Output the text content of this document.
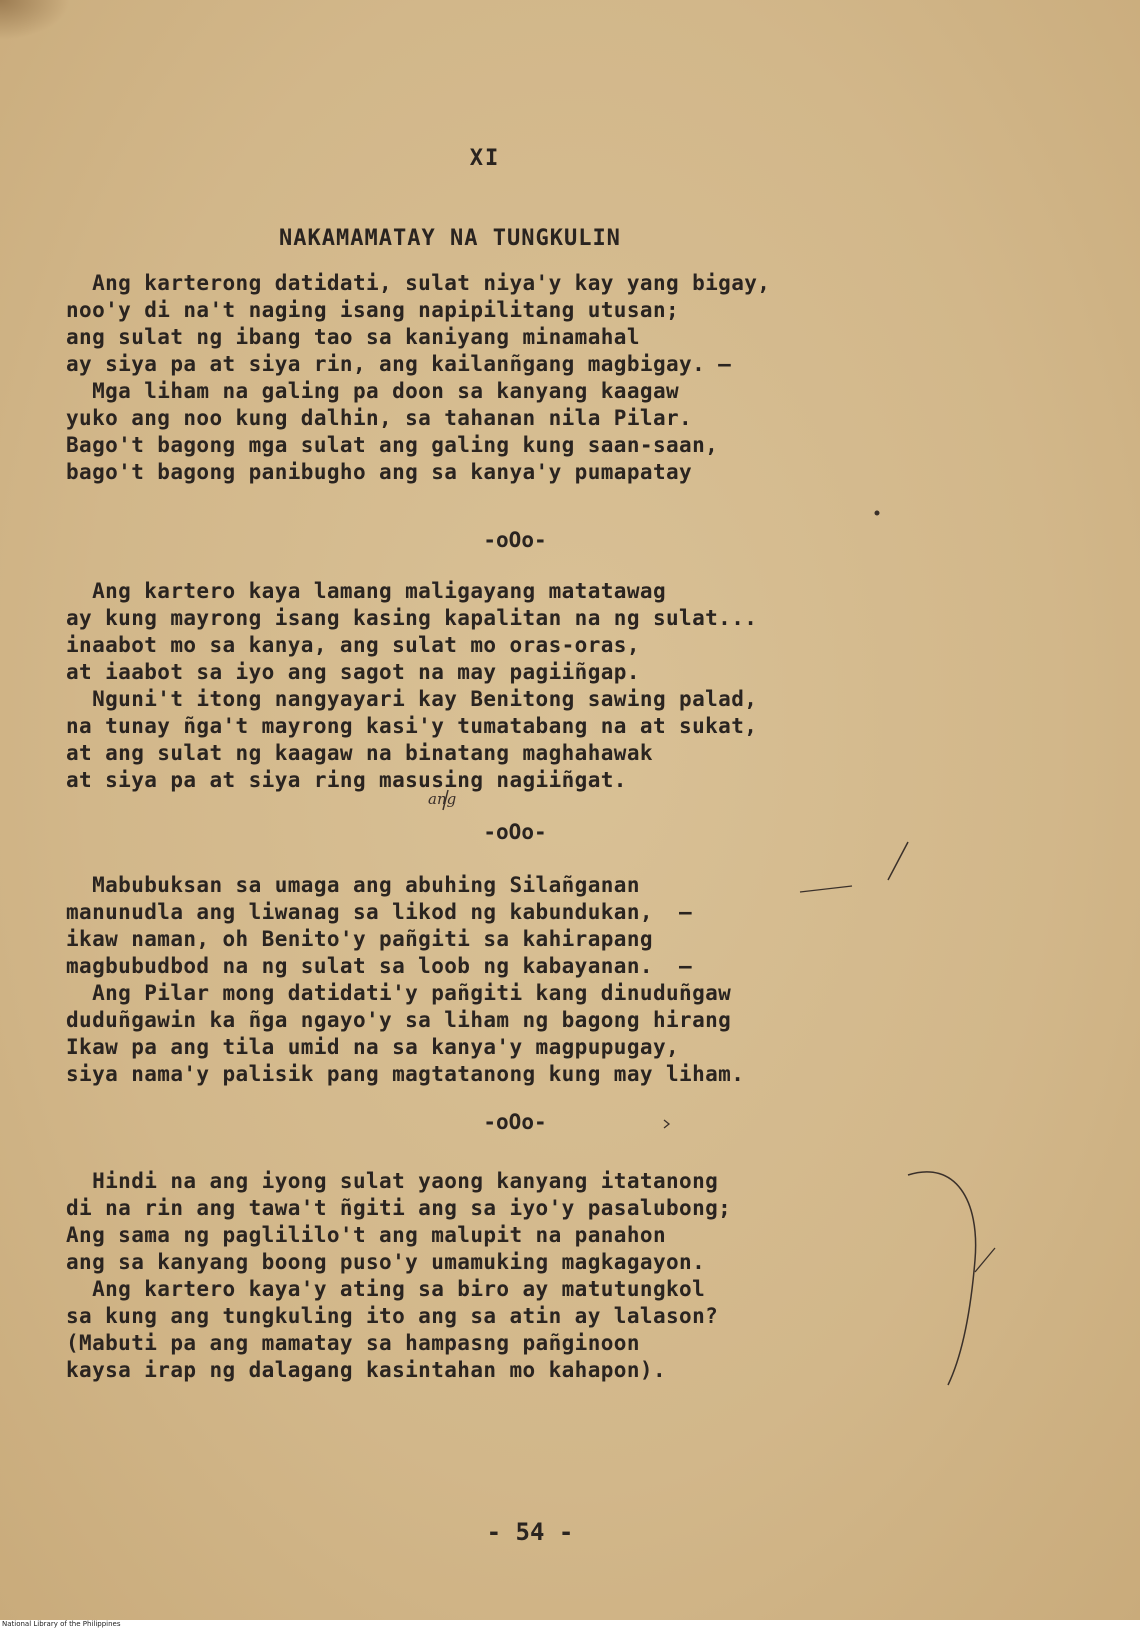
XI
NAKAMAMATAY NA TUNGKULIN
Ang karterong datidati, sulat niya'y kay yang bigay,
noo'y di na't naging isang napipilitang utusan;
ang sulat ng ibang tao sa kaniyang minamahal
ay siya pa at siya rin, ang kailanñgang magbigay. —
Mga liham na galing pa doon sa kanyang kaagaw
yuko ang noo kung dalhin, sa tahanan nila Pilar.
Bago't bagong mga sulat ang galing kung saan-saan,
bago't bagong panibugho ang sa kanya'y pumapatay
-oOo-
Ang kartero kaya lamang maligayang matatawag
ay kung mayrong isang kasing kapalitan na ng sulat...
inaabot mo sa kanya, ang sulat mo oras-oras,
at iaabot sa iyo ang sagot na may pagiiñgap.
Nguni't itong nangyayari kay Benitong sawing palad,
na tunay ñga't mayrong kasi'y tumatabang na at sukat,
at ang sulat ng kaagaw na binatang maghahawak
at siya pa at siya ring masusing nagiiñgat.
ang
-oOo-
Mabubuksan sa umaga ang abuhing Silañganan
manunudla ang liwanag sa likod ng kabundukan,  —
ikaw naman, oh Benito'y pañgiti sa kahirapang
magbubudbod na ng sulat sa loob ng kabayanan.  —
Ang Pilar mong datidati'y pañgiti kang dinuduñgaw
duduñgawin ka ñga ngayo'y sa liham ng bagong hirang
Ikaw pa ang tila umid na sa kanya'y magpupugay,
siya nama'y palisik pang magtatanong kung may liham.
-oOo-
Hindi na ang iyong sulat yaong kanyang itatanong
di na rin ang tawa't ñgiti ang sa iyo'y pasalubong;
Ang sama ng paglililo't ang malupit na panahon
ang sa kanyang boong puso'y umamuking magkagayon.
Ang kartero kaya'y ating sa biro ay matutungkol
sa kung ang tungkuling ito ang sa atin ay lalason?
(Mabuti pa ang mamatay sa hampasng pañginoon
kaysa irap ng dalagang kasintahan mo kahapon).
- 54 -
National Library of the Philippines
